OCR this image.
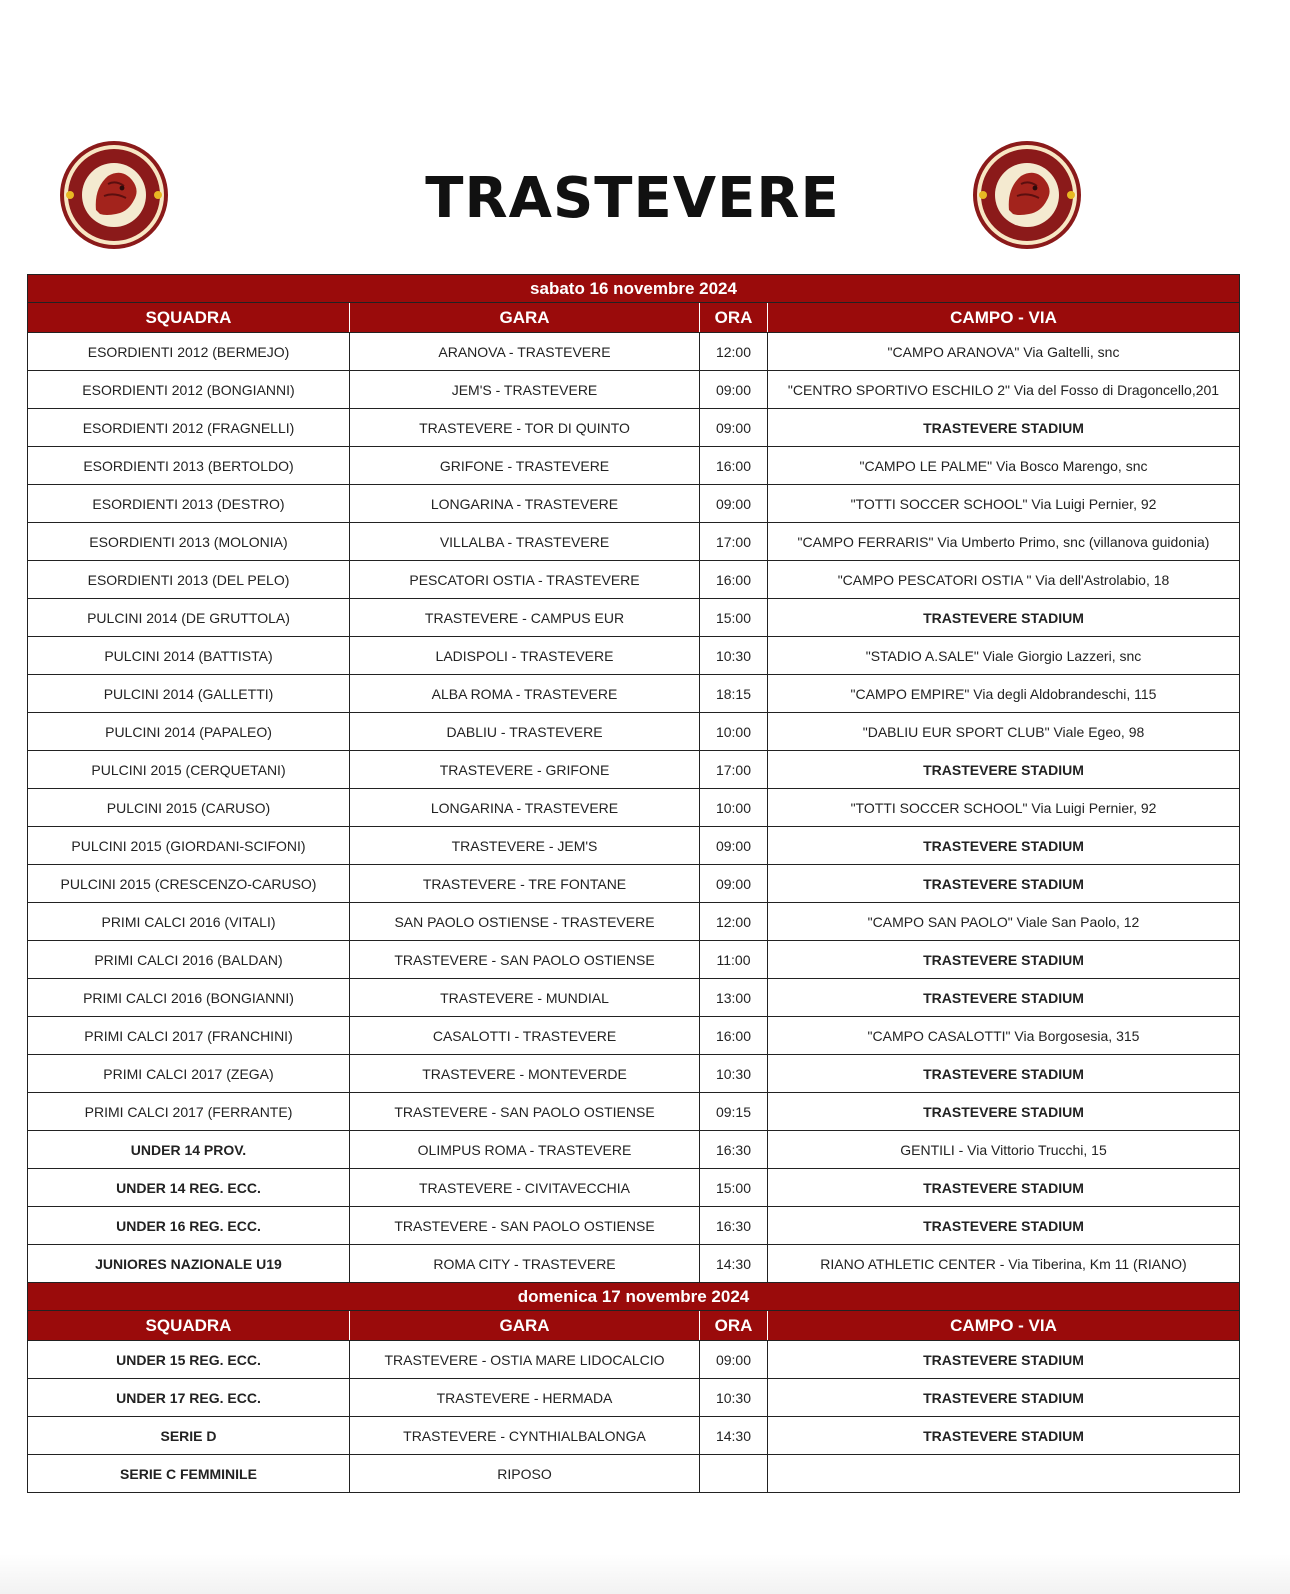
TRASTEVERE
sabato 16 novembre 2024			
SQUADRA	GARA	ORA	CAMPO - VIA
ESORDIENTI 2012 (BERMEJO)	ARANOVA - TRASTEVERE	12:00	"CAMPO ARANOVA" Via Galtelli, snc
ESORDIENTI 2012 (BONGIANNI)	JEM'S - TRASTEVERE	09:00	"CENTRO SPORTIVO ESCHILO 2" Via del Fosso di Dragoncello,201
ESORDIENTI 2012 (FRAGNELLI)	TRASTEVERE - TOR DI QUINTO	09:00	TRASTEVERE STADIUM
ESORDIENTI 2013 (BERTOLDO)	GRIFONE - TRASTEVERE	16:00	"CAMPO LE PALME" Via Bosco Marengo, snc
ESORDIENTI 2013 (DESTRO)	LONGARINA - TRASTEVERE	09:00	"TOTTI SOCCER SCHOOL" Via Luigi Pernier, 92
ESORDIENTI 2013 (MOLONIA)	VILLALBA - TRASTEVERE	17:00	"CAMPO FERRARIS" Via Umberto Primo, snc (villanova guidonia)
ESORDIENTI 2013 (DEL PELO)	PESCATORI OSTIA - TRASTEVERE	16:00	"CAMPO PESCATORI OSTIA " Via dell'Astrolabio, 18
PULCINI 2014 (DE GRUTTOLA)	TRASTEVERE - CAMPUS EUR	15:00	TRASTEVERE STADIUM
PULCINI 2014 (BATTISTA)	LADISPOLI - TRASTEVERE	10:30	"STADIO A.SALE" Viale Giorgio Lazzeri, snc
PULCINI 2014 (GALLETTI)	ALBA ROMA - TRASTEVERE	18:15	"CAMPO EMPIRE" Via degli Aldobrandeschi, 115
PULCINI 2014 (PAPALEO)	DABLIU - TRASTEVERE	10:00	"DABLIU EUR SPORT CLUB" Viale Egeo, 98
PULCINI 2015 (CERQUETANI)	TRASTEVERE - GRIFONE	17:00	TRASTEVERE STADIUM
PULCINI 2015 (CARUSO)	LONGARINA - TRASTEVERE	10:00	"TOTTI SOCCER SCHOOL" Via Luigi Pernier, 92
PULCINI 2015 (GIORDANI-SCIFONI)	TRASTEVERE - JEM'S	09:00	TRASTEVERE STADIUM
PULCINI 2015 (CRESCENZO-CARUSO)	TRASTEVERE - TRE FONTANE	09:00	TRASTEVERE STADIUM
PRIMI CALCI 2016 (VITALI)	SAN PAOLO OSTIENSE - TRASTEVERE	12:00	"CAMPO SAN PAOLO" Viale San Paolo, 12
PRIMI CALCI 2016 (BALDAN)	TRASTEVERE - SAN PAOLO OSTIENSE	11:00	TRASTEVERE STADIUM
PRIMI CALCI 2016 (BONGIANNI)	TRASTEVERE - MUNDIAL	13:00	TRASTEVERE STADIUM
PRIMI CALCI 2017 (FRANCHINI)	CASALOTTI - TRASTEVERE	16:00	"CAMPO CASALOTTI" Via Borgosesia, 315
PRIMI CALCI 2017 (ZEGA)	TRASTEVERE - MONTEVERDE	10:30	TRASTEVERE STADIUM
PRIMI CALCI 2017 (FERRANTE)	TRASTEVERE - SAN PAOLO OSTIENSE	09:15	TRASTEVERE STADIUM
UNDER 14 PROV.	OLIMPUS ROMA - TRASTEVERE	16:30	GENTILI - Via Vittorio Trucchi, 15
UNDER 14 REG. ECC.	TRASTEVERE - CIVITAVECCHIA	15:00	TRASTEVERE STADIUM
UNDER 16 REG. ECC.	TRASTEVERE - SAN PAOLO OSTIENSE	16:30	TRASTEVERE STADIUM
JUNIORES NAZIONALE U19	ROMA CITY - TRASTEVERE	14:30	RIANO ATHLETIC CENTER - Via Tiberina, Km 11 (RIANO)
domenica 17 novembre 2024			
SQUADRA	GARA	ORA	CAMPO - VIA
UNDER 15 REG. ECC.	TRASTEVERE - OSTIA MARE LIDOCALCIO	09:00	TRASTEVERE STADIUM
UNDER 17 REG. ECC.	TRASTEVERE - HERMADA	10:30	TRASTEVERE STADIUM
SERIE D	TRASTEVERE - CYNTHIALBALONGA	14:30	TRASTEVERE STADIUM
SERIE C FEMMINILE	RIPOSO		
